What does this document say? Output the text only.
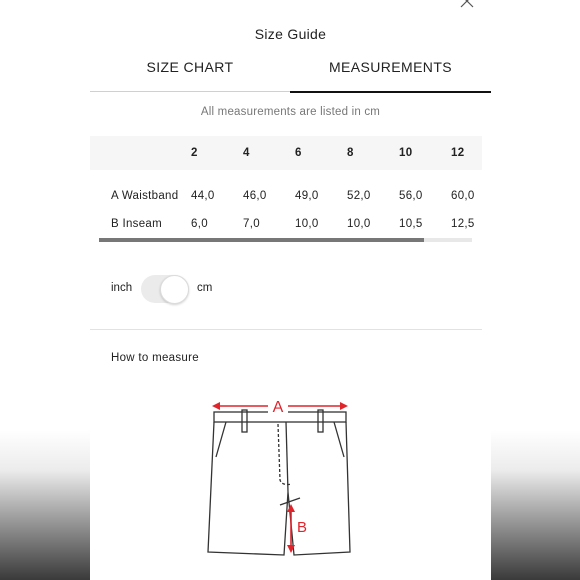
Size Guide
SIZE CHART	MEASUREMENTS
All measurements are listed in cm
2	4	6	8	10	12
A Waistband 44,0 46,0 49,0 52,0 56,0 60,0
B Inseam	6,0	7,0	10,0 10,0 10,5 12,5
inch	cm
How to measure
A
B
